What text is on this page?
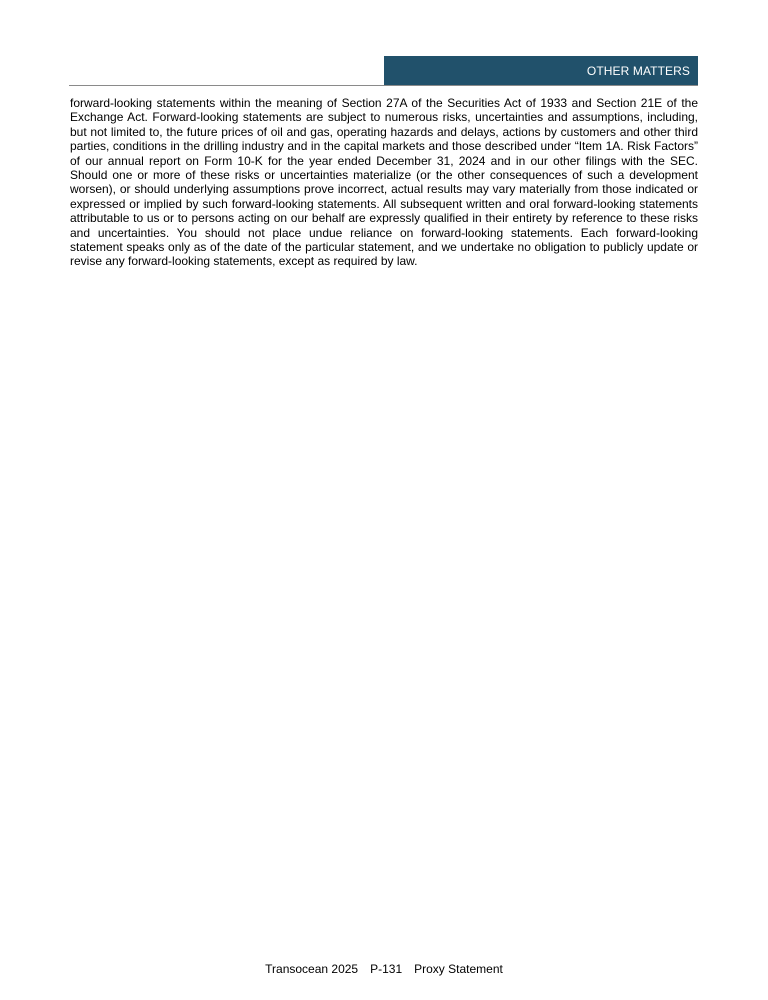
OTHER MATTERS

forward-looking statements within the meaning of Section 27A of the Securities Act of 1933 and Section 21E of the Exchange Act. Forward-looking statements are subject to numerous risks, uncertainties and assumptions, including, but not limited to, the future prices of oil and gas, operating hazards and delays, actions by customers and other third parties, conditions in the drilling industry and in the capital markets and those described under “Item 1A. Risk Factors” of our annual report on Form 10-K for the year ended December 31, 2024 and in our other filings with the SEC. Should one or more of these risks or uncertainties materialize (or the other consequences of such a development worsen), or should underlying assumptions prove incorrect, actual results may vary materially from those indicated or expressed or implied by such forward-looking statements. All subsequent written and oral forward-looking statements attributable to us or to persons acting on our behalf are expressly qualified in their entirety by reference to these risks and uncertainties. You should not place undue reliance on forward-looking statements. Each forward-looking statement speaks only as of the date of the particular statement, and we undertake no obligation to publicly update or revise any forward-looking statements, except as required by law.

Transocean 2025 P-131 Proxy Statement
